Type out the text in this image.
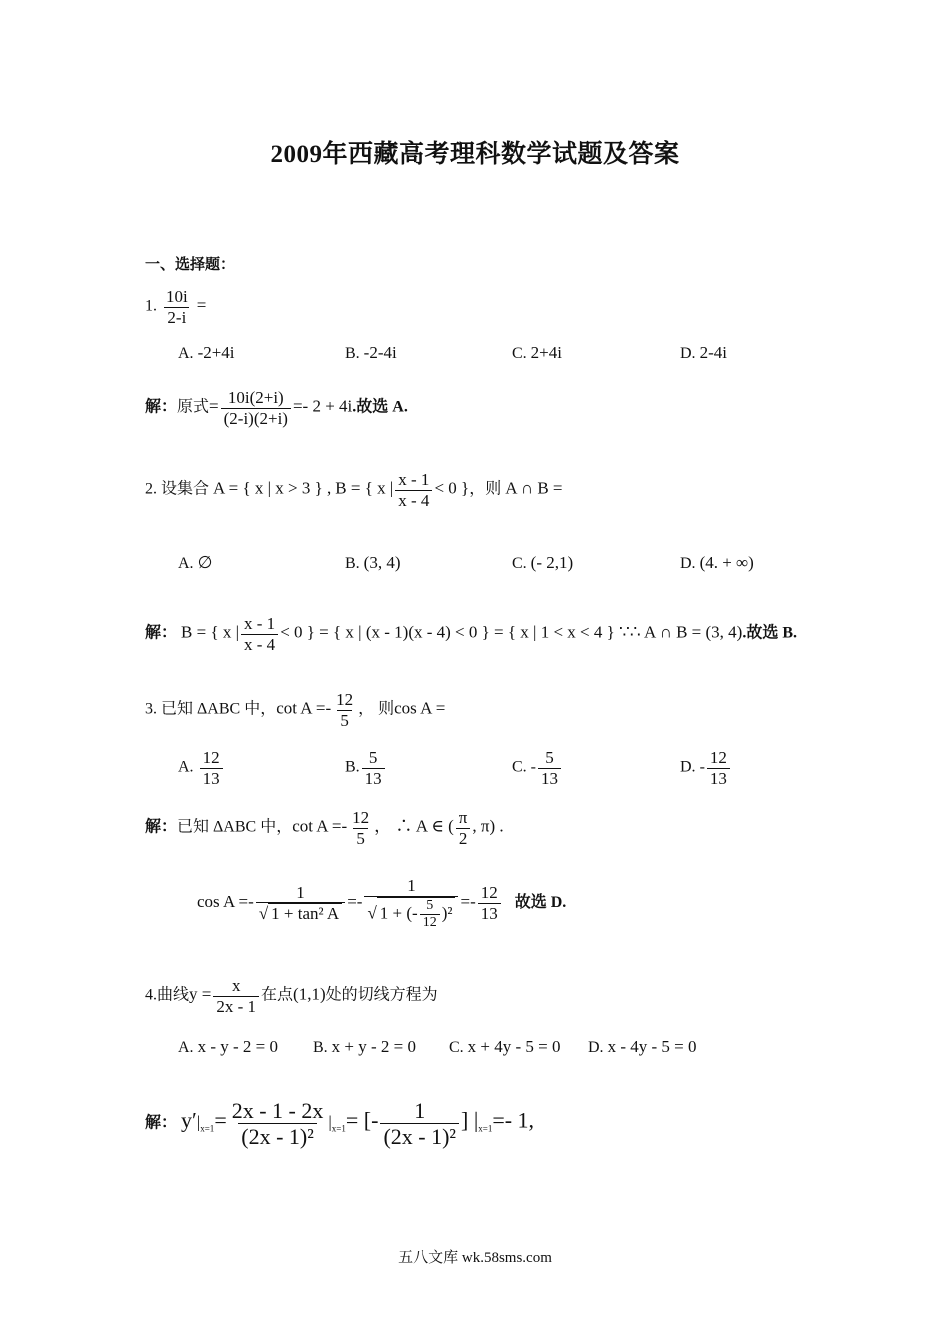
2009年西藏高考理科数学试题及答案
一、选择题：
1. $\frac{10i}{2-i}$ =
A. -2+4i	B. -2-4i	C. 2+4i	D. 2-4i
解：原式= $\frac{10i(2+i)}{(2-i)(2+i)} =- 2 + 4i$.故选 A.
2. 设集合 A = { x | x > 3 } , B = { x | $\frac{x - 1}{x - 4} < 0$ }，则 A ∩ B =
A. ∅	B. (3, 4)	C. (- 2,1)	D. (4. + ∞)
解： B = { x | $\frac{x - 1}{x - 4} < 0$ } = { x | (x - 1)(x - 4) < 0 } = { x | 1 < x < 4 } ∵∴ A ∩ B = (3, 4).故选 B.
3. 已知 ΔABC 中，$\cot A =- \frac{12}{5}$ ， 则cos A =
A. $\frac{12}{13}$	B. $\frac{5}{13}$	C. - $\frac{5}{13}$	D. - $\frac{12}{13}$
解：已知 ΔABC 中，$\cot A =- \frac{12}{5}$ ， ∴ A ∈ ( $\frac{\pi}{2}$ , π) .
$\cos A =- \frac{1}{\text{√ 1 + tan² A}} =- \frac{1}{√ 1 + (- \frac{5}{12} )^2} =- \frac{12}{13}$ 故选 D.
4.曲线$y = \frac{x}{2x - 1}$ 在点(1,1)处的切线方程为
A. x - y - 2 = 0 B. x + y - 2 = 0 C. x + 4y - 5 = 0 D. x - 4y - 5 = 0
解： $y'|_{x=1}= \frac{2x - 1 - 2x}{\text{(2x - 1)²}} |_{x=1}=$ [- $\frac{1}{\text{(2x - 1)²}}$ ] $|_{x=1}=-$ 1,
五八文库 wk.58sms.com
